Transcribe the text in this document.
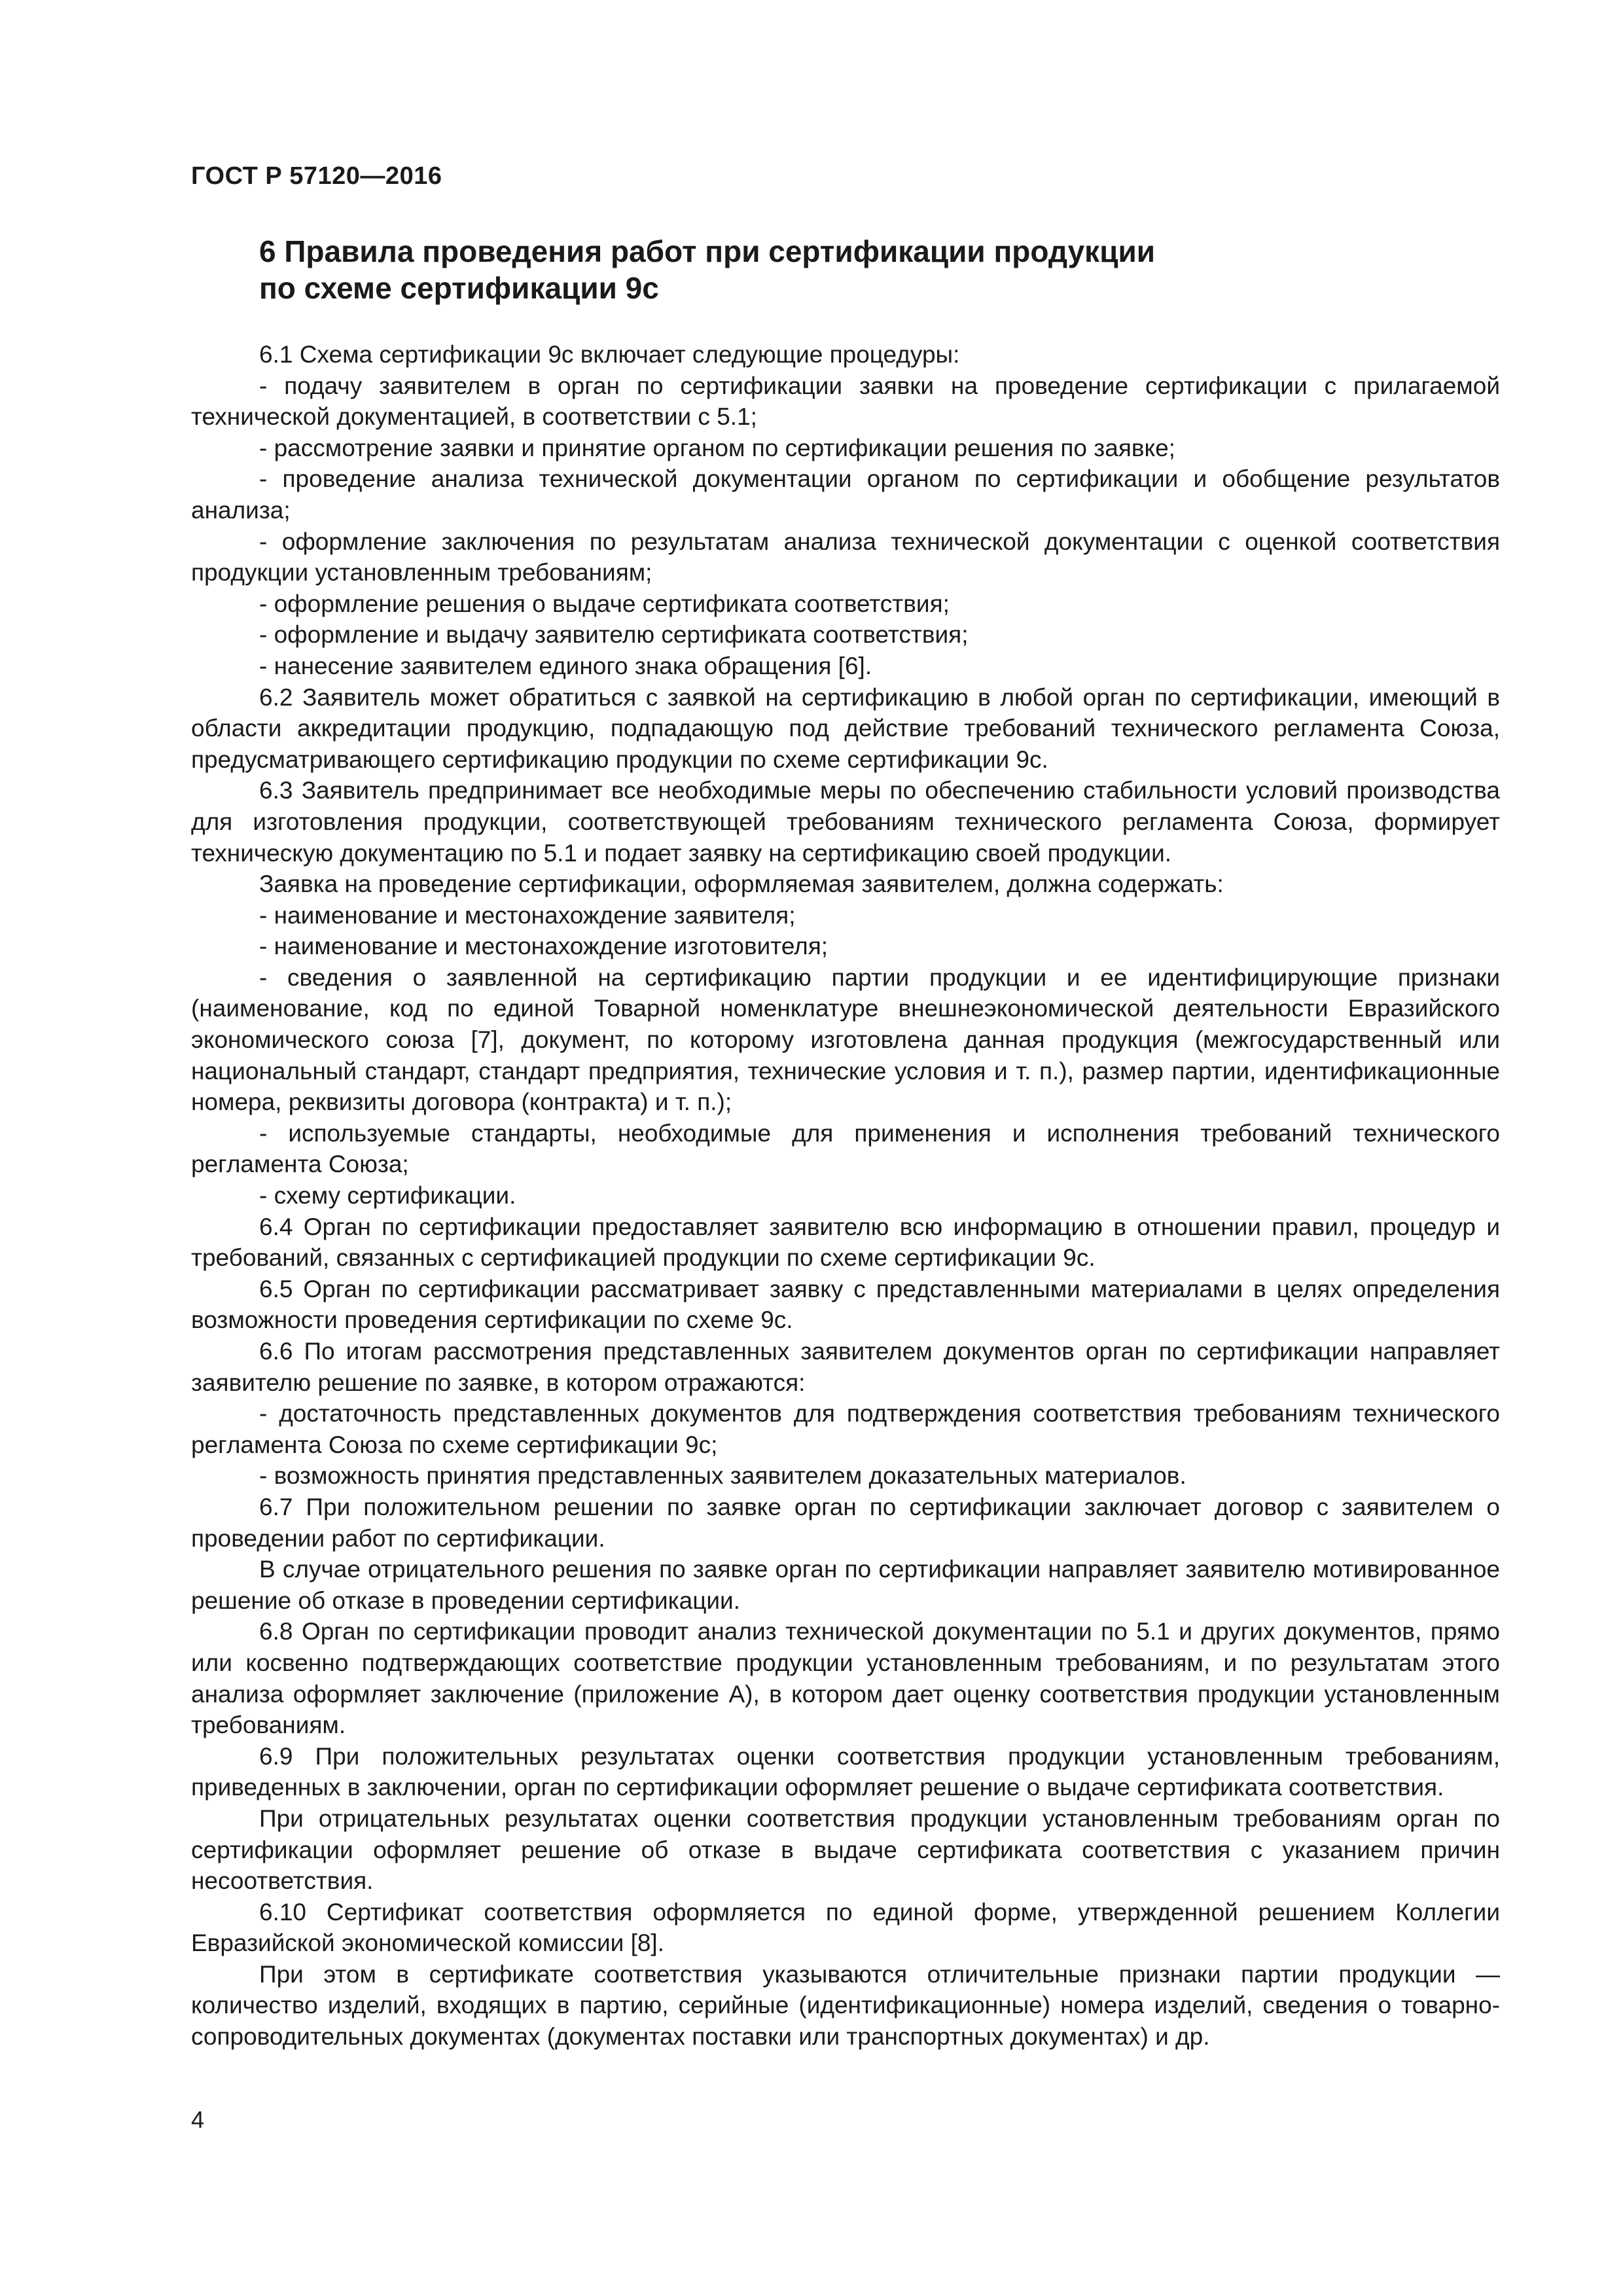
ГОСТ Р 57120—2016
6 Правила проведения работ при сертификации продукции
по схеме сертификации 9с

6.1 Схема сертификации 9с включает следующие процедуры:

- подачу заявителем в орган по сертификации заявки на проведение сертификации с прилагаемой технической документацией, в соответствии с 5.1;

- рассмотрение заявки и принятие органом по сертификации решения по заявке;

- проведение анализа технической документации органом по сертификации и обобщение результатов анализа;

- оформление заключения по результатам анализа технической документации с оценкой соответствия продукции установленным требованиям;

- оформление решения о выдаче сертификата соответствия;

- оформление и выдачу заявителю сертификата соответствия;

- нанесение заявителем единого знака обращения [6].

6.2 Заявитель может обратиться с заявкой на сертификацию в любой орган по сертификации, имеющий в области аккредитации продукцию, подпадающую под действие требований технического регламента Союза, предусматривающего сертификацию продукции по схеме сертификации 9с.

6.3 Заявитель предпринимает все необходимые меры по обеспечению стабильности условий производства для изготовления продукции, соответствующей требованиям технического регламента Союза, формирует техническую документацию по 5.1 и подает заявку на сертификацию своей продукции.

Заявка на проведение сертификации, оформляемая заявителем, должна содержать:

- наименование и местонахождение заявителя;

- наименование и местонахождение изготовителя;

- сведения о заявленной на сертификацию партии продукции и ее идентифицирующие признаки (наименование, код по единой Товарной номенклатуре внешнеэкономической деятельности Евразийского экономического союза [7], документ, по которому изготовлена данная продукция (межгосударственный или национальный стандарт, стандарт предприятия, технические условия и т. п.), размер партии, идентификационные номера, реквизиты договора (контракта) и т. п.);

- используемые стандарты, необходимые для применения и исполнения требований технического регламента Союза;

- схему сертификации.

6.4 Орган по сертификации предоставляет заявителю всю информацию в отношении правил, процедур и требований, связанных с сертификацией продукции по схеме сертификации 9с.

6.5 Орган по сертификации рассматривает заявку с представленными материалами в целях определения возможности проведения сертификации по схеме 9с.

6.6 По итогам рассмотрения представленных заявителем документов орган по сертификации направляет заявителю решение по заявке, в котором отражаются:

- достаточность представленных документов для подтверждения соответствия требованиям технического регламента Союза по схеме сертификации 9с;

- возможность принятия представленных заявителем доказательных материалов.

6.7 При положительном решении по заявке орган по сертификации заключает договор с заявителем о проведении работ по сертификации.

В случае отрицательного решения по заявке орган по сертификации направляет заявителю мотивированное решение об отказе в проведении сертификации.

6.8 Орган по сертификации проводит анализ технической документации по 5.1 и других документов, прямо или косвенно подтверждающих соответствие продукции установленным требованиям, и по результатам этого анализа оформляет заключение (приложение А), в котором дает оценку соответствия продукции установленным требованиям.

6.9 При положительных результатах оценки соответствия продукции установленным требованиям, приведенных в заключении, орган по сертификации оформляет решение о выдаче сертификата соответствия.

При отрицательных результатах оценки соответствия продукции установленным требованиям орган по сертификации оформляет решение об отказе в выдаче сертификата соответствия с указанием причин несоответствия.

6.10 Сертификат соответствия оформляется по единой форме, утвержденной решением Коллегии Евразийской экономической комиссии [8].

При этом в сертификате соответствия указываются отличительные признаки партии продукции — количество изделий, входящих в партию, серийные (идентификационные) номера изделий, сведения о товарно-сопроводительных документах (документах поставки или транспортных документах) и др.

4
